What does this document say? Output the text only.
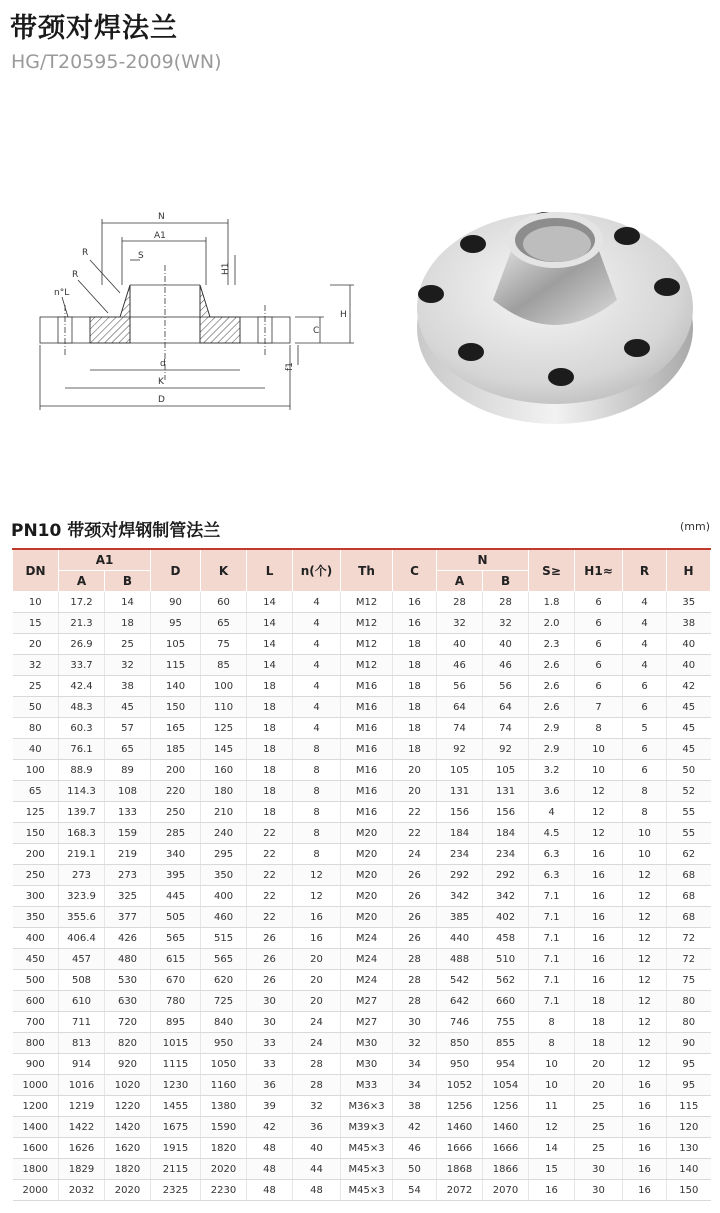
带颈对焊法兰

HG/T20595-2009(WN)

N
A1
S
R
R
n°L
H1
H
C
f1
d
K
D
PN10 带颈对焊钢制管法兰	(mm)
DN	A1		D	K	L	n(个)	Th	C	N		S≥	H1≈	R	H
	A	B							A	B				
10	17.2	14	90	60	14	4	M12	16	28	28	1.8	6	4	35
15	21.3	18	95	65	14	4	M12	16	32	32	2.0	6	4	38
20	26.9	25	105	75	14	4	M12	18	40	40	2.3	6	4	40
32	33.7	32	115	85	14	4	M12	18	46	46	2.6	6	4	40
25	42.4	38	140	100	18	4	M16	18	56	56	2.6	6	6	42
50	48.3	45	150	110	18	4	M16	18	64	64	2.6	7	6	45
80	60.3	57	165	125	18	4	M16	18	74	74	2.9	8	5	45
40	76.1	65	185	145	18	8	M16	18	92	92	2.9	10	6	45
100	88.9	89	200	160	18	8	M16	20	105	105	3.2	10	6	50
65	114.3	108	220	180	18	8	M16	20	131	131	3.6	12	8	52
125	139.7	133	250	210	18	8	M16	22	156	156	4	12	8	55
150	168.3	159	285	240	22	8	M20	22	184	184	4.5	12	10	55
200	219.1	219	340	295	22	8	M20	24	234	234	6.3	16	10	62
250	273	273	395	350	22	12	M20	26	292	292	6.3	16	12	68
300	323.9	325	445	400	22	12	M20	26	342	342	7.1	16	12	68
350	355.6	377	505	460	22	16	M20	26	385	402	7.1	16	12	68
400	406.4	426	565	515	26	16	M24	26	440	458	7.1	16	12	72
450	457	480	615	565	26	20	M24	28	488	510	7.1	16	12	72
500	508	530	670	620	26	20	M24	28	542	562	7.1	16	12	75
600	610	630	780	725	30	20	M27	28	642	660	7.1	18	12	80
700	711	720	895	840	30	24	M27	30	746	755	8	18	12	80
800	813	820	1015	950	33	24	M30	32	850	855	8	18	12	90
900	914	920	1115	1050	33	28	M30	34	950	954	10	20	12	95
1000	1016	1020	1230	1160	36	28	M33	34	1052	1054	10	20	16	95
1200	1219	1220	1455	1380	39	32	M36×3	38	1256	1256	11	25	16	115
1400	1422	1420	1675	1590	42	36	M39×3	42	1460	1460	12	25	16	120
1600	1626	1620	1915	1820	48	40	M45×3	46	1666	1666	14	25	16	130
1800	1829	1820	2115	2020	48	44	M45×3	50	1868	1866	15	30	16	140
2000	2032	2020	2325	2230	48	48	M45×3	54	2072	2070	16	30	16	150
